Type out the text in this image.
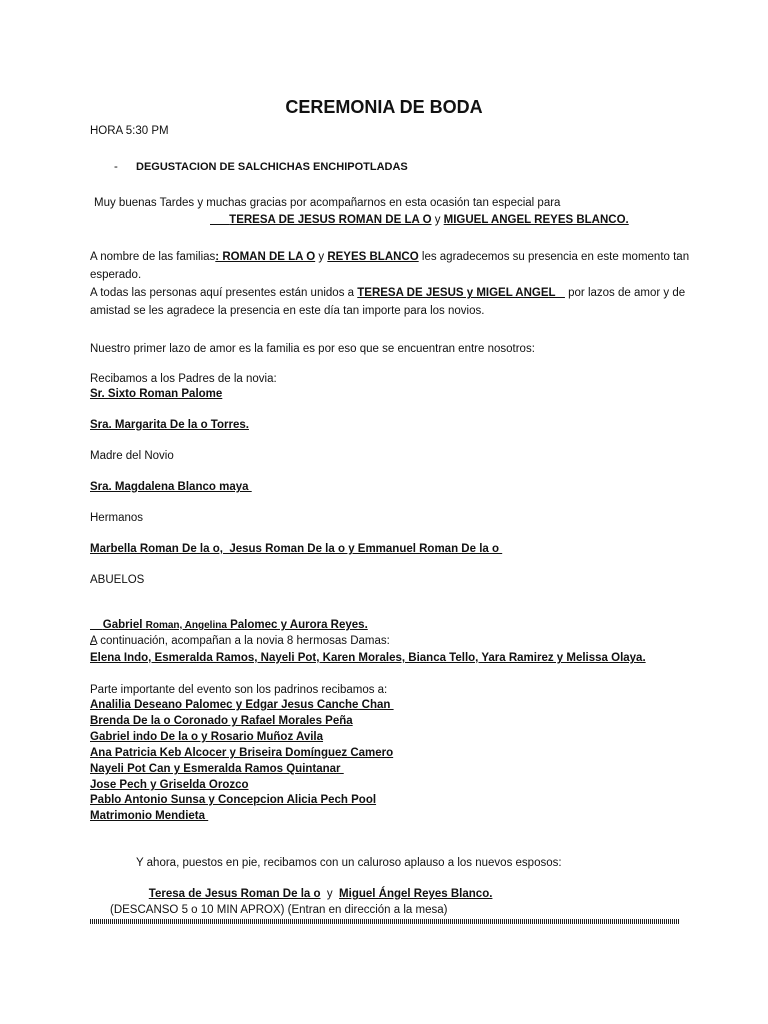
CEREMONIA DE BODA
HORA 5:30 PM
- DEGUSTACION DE SALCHICHAS ENCHIPOTLADAS
Muy buenas Tardes y muchas gracias por acompañarnos en esta ocasión tan especial para
TERESA DE JESUS ROMAN DE LA O y MIGUEL ANGEL REYES BLANCO.
A nombre de las familias: ROMAN DE LA O y REYES BLANCO les agradecemos su presencia en este momento tan
esperado.
A todas las personas aquí presentes están unidos a TERESA DE JESUS y MIGEL ANGEL    por lazos de amor y de
amistad se les agradece la presencia en este día tan importe para los novios.
Nuestro primer lazo de amor es la familia es por eso que se encuentran entre nosotros:
Recibamos a los Padres de la novia:
Sr. Sixto Roman Palome
Sra. Margarita De la o Torres.
Madre del Novio
Sra. Magdalena Blanco maya
Hermanos
Marbella Roman De la o,  Jesus Roman De la o y Emmanuel Roman De la o
ABUELOS

Gabriel Roman, Angelina Palomec y Aurora Reyes.

A continuación, acompañan a la novia 8 hermosas Damas:
Elena Indo, Esmeralda Ramos, Nayeli Pot, Karen Morales, Bianca Tello, Yara Ramirez y Melissa Olaya.
Parte importante del evento son los padrinos recibamos a:
Analilia Deseano Palomec y Edgar Jesus Canche Chan
Brenda De la o Coronado y Rafael Morales Peña
Gabriel indo De la o y Rosario Muñoz Avila
Ana Patricia Keb Alcocer y Briseira Domínguez Camero
Nayeli Pot Can y Esmeralda Ramos Quintanar
Jose Pech y Griselda Orozco
Pablo Antonio Sunsa y Concepcion Alicia Pech Pool
Matrimonio Mendieta
Y ahora, puestos en pie, recibamos con un caluroso aplauso a los nuevos esposos:

Teresa de Jesus Roman De la o  y  Miguel Ángel Reyes Blanco.

(DESCANSO 5 o 10 MIN APROX) (Entran en dirección a la mesa)
